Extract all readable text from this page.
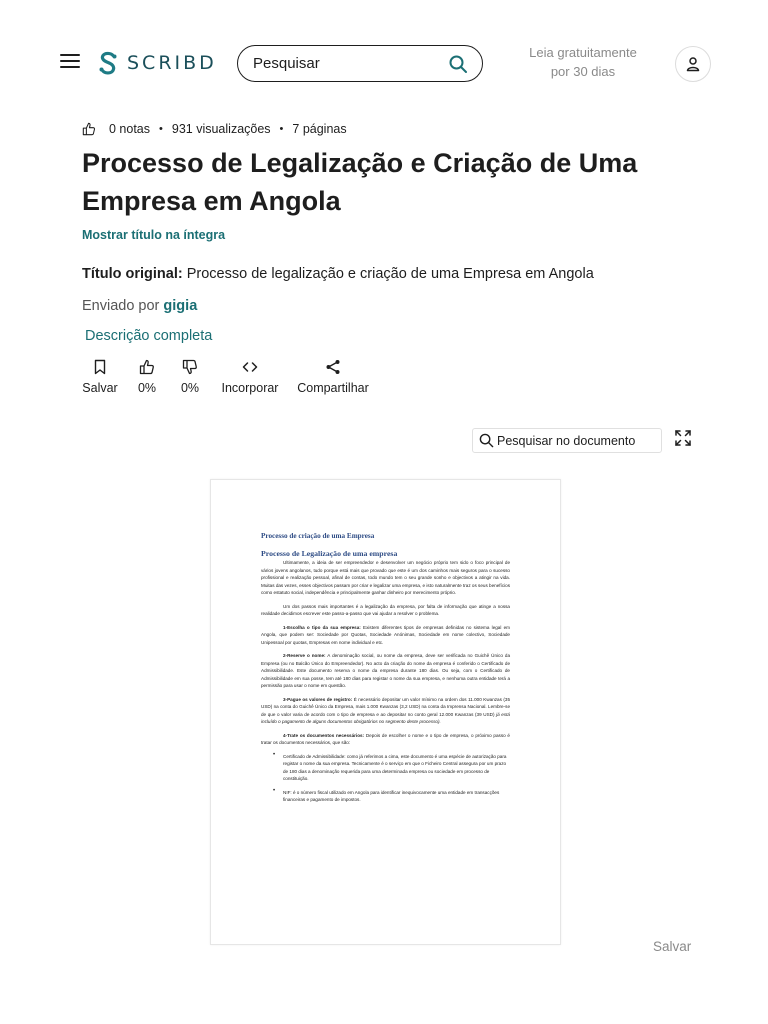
SCRIBD
Pesquisar	Leia gratuitamente
por 30 dias
0 notas • 931 visualizações • 7 páginas
Processo de Legalização e Criação de Uma Empresa em Angola
Mostrar título na íntegra
Título original: Processo de legalização e criação de uma Empresa em Angola
Enviado por gigia
Descrição completa
Salvar 0% 0% Incorporar Compartilhar
Pesquisar no documento
Processo de criação de uma Empresa
Processo de Legalização de uma empresa

Ultimamente, a ideia de ser empreendedor e desenvolver um negócio próprio tem sido o foco principal de vários jovens angolanos, tudo porque está mais que provado que este é um dos caminhos mais seguros para o sucesso profissional e realização pessoal, afinal de contas, todo mundo tem o seu grande sonho e objectivos a atingir na vida. Muitas das vezes, esses objectivos passam por criar e legalizar uma empresa, e isto naturalmente traz os seus benefícios como estatuto social, independência e principalmente ganhar dinheiro por merecimento próprio.

Um dos passos mais importantes é a legalização da empresa, por falta de informação que atinge a nossa realidade decidimos escrever este passo-a-passo que vai ajudar a resolver o problema.

1-Escolha o tipo da sua empresa: Existem diferentes tipos de empresas definidas no sistema legal em Angola, que podem ser: Sociedade por Quotas, Sociedade Anónimas, Sociedade em nome colectivo, Sociedade Unipessoal por quotas, Empresas em nome individual e etc.

2-Reserve o nome: A denominação social, ou nome da empresa, deve ser verificada no Guichê Único da Empresa (ou no Balcão Único do Empreendedor). No acto da criação do nome da empresa é conferido o Certificado de Admissibilidade. Este documento reserva o nome da empresa durante 180 dias. Ou seja, com o Certificado de Admissibilidade em sua posse, tem até 180 dias para registar o nome da sua empresa, e nenhuma outra entidade terá a permissão para usar o nome em questão.

3-Pague os valores de registro: É necessário depositar um valor mínimo na ordem dos 11.000 Kwanzas (35 USD) na conta do Guichê Único da Empresa, mais 1.000 Kwanzas (3,2 USD) na conta da Imprensa Nacional. Lembre-se de que o valor varia de acordo com o tipo de empresa e ao depositar no conto geral 12.000 Kwanzas (39 USD) já está incluído o pagamento de alguns documentos obrigatórios no segmento deste processo).

4-Trate os documentos necessários: Depois de escolher o nome e o tipo de empresa, o próximo passo é tratar os documentos necessários, que são:

• Certificado de Admissibilidade: como já referimos a cima, este documento é uma espécie de autorização para registar o nome da sua empresa. Tecnicamente é o serviço em que o Ficheiro Central assegura por um prazo de 180 dias a denominação requerida para uma determinada empresa ou sociedade em processo de constituição.
• NIF: é o número fiscal utilizado em Angola para identificar inequivocamente uma entidade em transacções financeiras e pagamento de impostos.
Salvar
